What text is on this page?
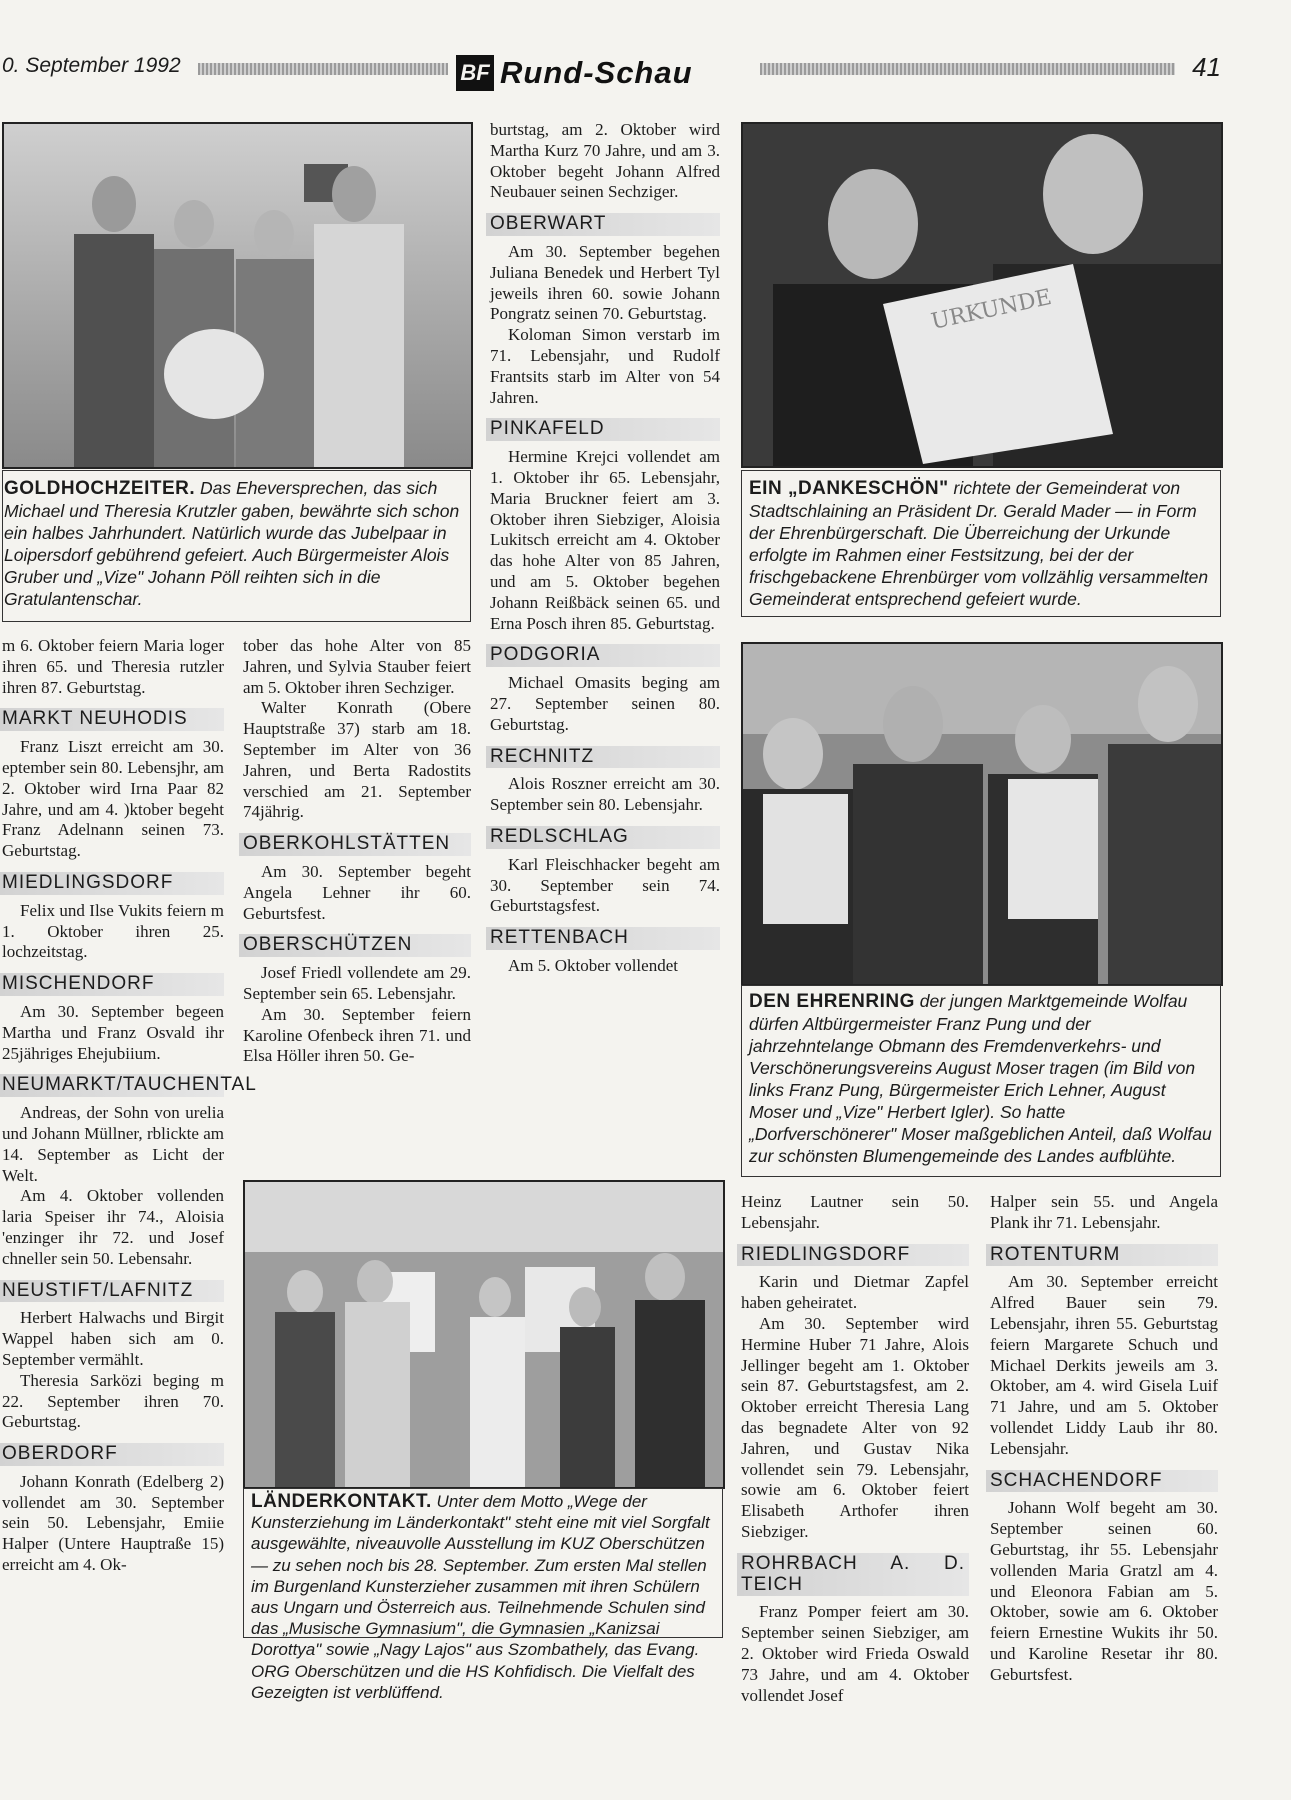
0. September 1992	BF Rund-Schau	41
GOLDHOCHZEITER. Das Eheversprechen, das sich Michael und Theresia Krutzler gaben, bewährte sich schon ein halbes Jahrhundert. Natürlich wurde das Jubelpaar in Loipersdorf gebührend gefeiert. Auch Bürgermeister Alois Gruber und „Vize" Johann Pöll reihten sich in die Gratulantenschar.
URKUNDE
EIN „DANKESCHÖN" richtete der Gemeinderat von Stadtschlaining an Präsident Dr. Gerald Mader — in Form der Ehrenbürgerschaft. Die Überreichung der Urkunde erfolgte im Rahmen einer Festsitzung, bei der der frischgebackene Ehrenbürger vom vollzählig versammelten Gemeinderat entsprechend gefeiert wurde.
DEN EHRENRING der jungen Marktgemeinde Wolfau dürfen Altbürgermeister Franz Pung und der jahrzehntelange Obmann des Fremdenverkehrs- und Verschönerungsvereins August Moser tragen (im Bild von links Franz Pung, Bürgermeister Erich Lehner, August Moser und „Vize" Herbert Igler). So hatte „Dorfverschönerer" Moser maßgeblichen Anteil, daß Wolfau zur schönsten Blumengemeinde des Landes aufblühte.
LÄNDERKONTAKT. Unter dem Motto „Wege der Kunsterziehung im Länderkontakt" steht eine mit viel Sorgfalt ausgewählte, niveauvolle Ausstellung im KUZ Oberschützen — zu sehen noch bis 28. September. Zum ersten Mal stellen im Burgenland Kunsterzieher zusammen mit ihren Schülern aus Ungarn und Österreich aus. Teilnehmende Schulen sind das „Musische Gymnasium", die Gymnasien „Kanizsai Dorottya" sowie „Nagy Lajos" aus Szombathely, das Evang. ORG Oberschützen und die HS Kohfidisch. Die Vielfalt des Gezeigten ist verblüffend.

m 6. Oktober feiern Maria loger ihren 65. und Theresia rutzler ihren 87. Geburtstag.

MARKT NEUHODIS

Franz Liszt erreicht am 30. eptember sein 80. Lebensjhr, am 2. Oktober wird Irna Paar 82 Jahre, und am 4. )ktober begeht Franz Adelnann seinen 73. Geburtstag.

MIEDLINGSDORF

Felix und Ilse Vukits feiern m 1. Oktober ihren 25. lochzeitstag.

MISCHENDORF

Am 30. September begeen Martha und Franz Osvald ihr 25jähriges Ehejubiium.

NEUMARKT/TAUCHENTAL

Andreas, der Sohn von urelia und Johann Müllner, rblickte am 14. September as Licht der Welt.

Am 4. Oktober vollenden laria Speiser ihr 74., Aloisia 'enzinger ihr 72. und Josef chneller sein 50. Lebensahr.

NEUSTIFT/LAFNITZ

Herbert Halwachs und Birgit Wappel haben sich am 0. September vermählt.

Theresia Sarközi beging m 22. September ihren 70. Geburtstag.

OBERDORF

Johann Konrath (Edelberg 2) vollendet am 30. September sein 50. Lebensjahr, Emiie Halper (Untere Hauptraße 15) erreicht am 4. Ok-

tober das hohe Alter von 85 Jahren, und Sylvia Stauber feiert am 5. Oktober ihren Sechziger.

Walter Konrath (Obere Hauptstraße 37) starb am 18. September im Alter von 36 Jahren, und Berta Radostits verschied am 21. September 74jährig.

OBERKOHLSTÄTTEN

Am 30. September begeht Angela Lehner ihr 60. Geburtsfest.

OBERSCHÜTZEN

Josef Friedl vollendete am 29. September sein 65. Lebensjahr.

Am 30. September feiern Karoline Ofenbeck ihren 71. und Elsa Höller ihren 50. Ge-

burtstag, am 2. Oktober wird Martha Kurz 70 Jahre, und am 3. Oktober begeht Johann Alfred Neubauer seinen Sechziger.

OBERWART

Am 30. September begehen Juliana Benedek und Herbert Tyl jeweils ihren 60. sowie Johann Pongratz seinen 70. Geburtstag.

Koloman Simon verstarb im 71. Lebensjahr, und Rudolf Frantsits starb im Alter von 54 Jahren.

PINKAFELD

Hermine Krejci vollendet am 1. Oktober ihr 65. Lebensjahr, Maria Bruckner feiert am 3. Oktober ihren Siebziger, Aloisia Lukitsch erreicht am 4. Oktober das hohe Alter von 85 Jahren, und am 5. Oktober begehen Johann Reißbäck seinen 65. und Erna Posch ihren 85. Geburtstag.

PODGORIA

Michael Omasits beging am 27. September seinen 80. Geburtstag.

RECHNITZ

Alois Roszner erreicht am 30. September sein 80. Lebensjahr.

REDLSCHLAG

Karl Fleischhacker begeht am 30. September sein 74. Geburtstagsfest.

RETTENBACH

Am 5. Oktober vollendet

Heinz Lautner sein 50. Lebensjahr.

RIEDLINGSDORF

Karin und Dietmar Zapfel haben geheiratet.

Am 30. September wird Hermine Huber 71 Jahre, Alois Jellinger begeht am 1. Oktober sein 87. Geburtstagsfest, am 2. Oktober erreicht Theresia Lang das begnadete Alter von 92 Jahren, und Gustav Nika vollendet sein 79. Lebensjahr, sowie am 6. Oktober feiert Elisabeth Arthofer ihren Siebziger.

ROHRBACH A. D. TEICH

Franz Pomper feiert am 30. September seinen Siebziger, am 2. Oktober wird Frieda Oswald 73 Jahre, und am 4. Oktober vollendet Josef

Halper sein 55. und Angela Plank ihr 71. Lebensjahr.

ROTENTURM

Am 30. September erreicht Alfred Bauer sein 79. Lebensjahr, ihren 55. Geburtstag feiern Margarete Schuch und Michael Derkits jeweils am 3. Oktober, am 4. wird Gisela Luif 71 Jahre, und am 5. Oktober vollendet Liddy Laub ihr 80. Lebensjahr.

SCHACHENDORF

Johann Wolf begeht am 30. September seinen 60. Geburtstag, ihr 55. Lebensjahr vollenden Maria Gratzl am 4. und Eleonora Fabian am 5. Oktober, sowie am 6. Oktober feiern Ernestine Wukits ihr 50. und Karoline Resetar ihr 80. Geburtsfest.
